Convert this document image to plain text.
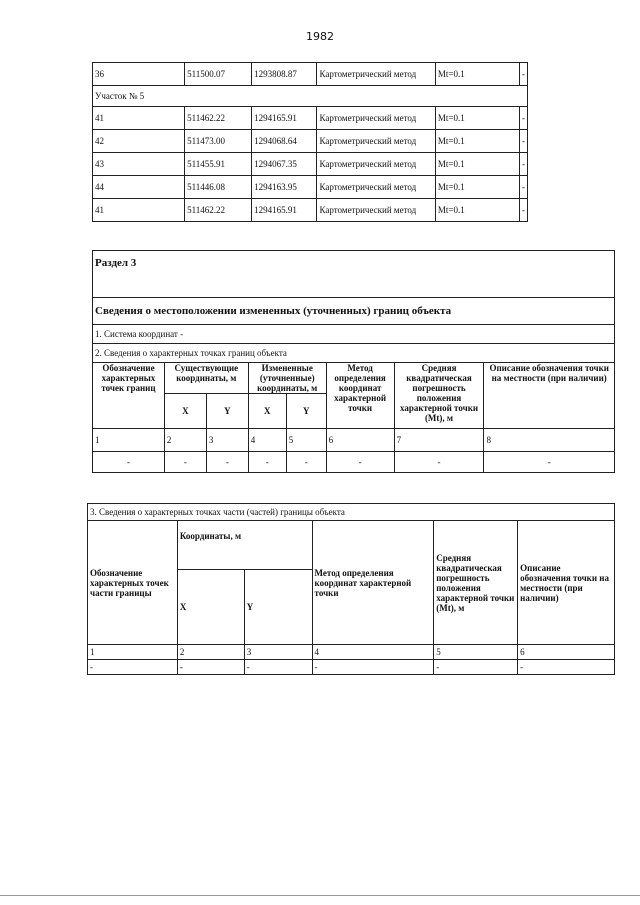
1982
36	511500.07	1293808.87	Картометрический метод	Mt=0.1	-
Участок № 5					
41	511462.22	1294165.91	Картометрический метод	Mt=0.1	-
42	511473.00	1294068.64	Картометрический метод	Mt=0.1	-
43	511455.91	1294067.35	Картометрический метод	Mt=0.1	-
44	511446.08	1294163.95	Картометрический метод	Mt=0.1	-
41	511462.22	1294165.91	Картометрический метод	Mt=0.1	-
Раздел 3							
Сведения о местоположении измененных (уточненных) границ объекта							
1. Система координат -							
2. Сведения о характерных точках границ объекта							
Обозначение характерных точек границ	Существующие координаты, м		Измененные (уточненные) координаты, м		Метод определения координат характерной точки	Средняя квадратическая погрешность положения характерной точки (Mt), м	Описание обозначения точки на местности (при наличии)
	X	Y	X	Y			
1	2	3	4	5	6	7	8
-	-	-	-	-	-	-	-
3. Сведения о характерных точках части (частей) границы объекта					
Обозначение характерных точек части границы	Координаты, м		Метод определения координат характерной точки	Средняя квадратическая погрешность положения характерной точки (Mt), м	Описание обозначения точки на местности (при наличии)
	X	Y			
1	2	3	4	5	6
-	-	-	-	-	-
